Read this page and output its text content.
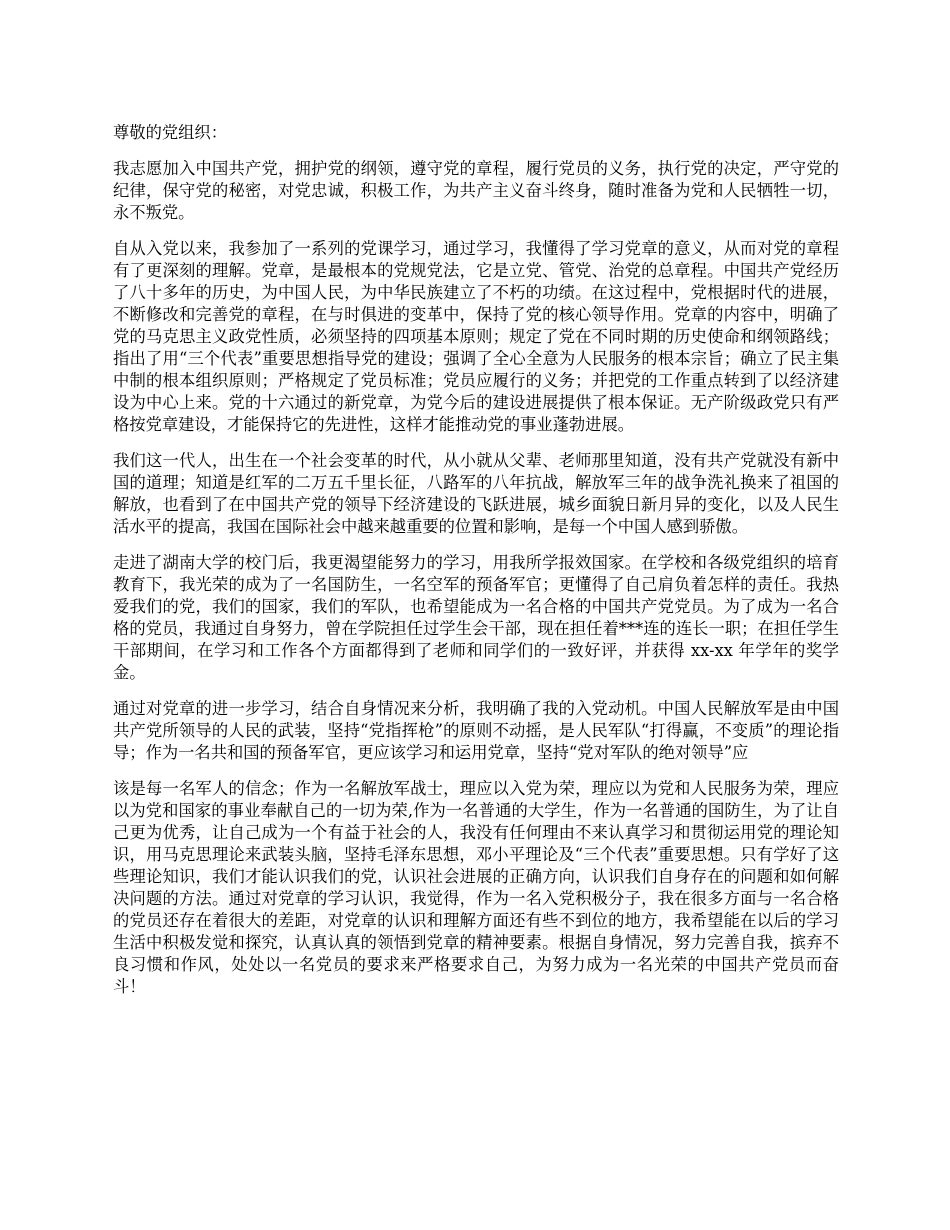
尊敬的党组织：

我志愿加入中国共产党，拥护党的纲领，遵守党的章程，履行党员的义务，执行党的决定，严守党的纪律，保守党的秘密，对党忠诚，积极工作，为共产主义奋斗终身，随时准备为党和人民牺牲一切，永不叛党。

自从入党以来，我参加了一系列的党课学习，通过学习，我懂得了学习党章的意义，从而对党的章程有了更深刻的理解。党章，是最根本的党规党法，它是立党、管党、治党的总章程。中国共产党经历了八十多年的历史，为中国人民，为中华民族建立了不朽的功绩。在这过程中，党根据时代的进展，不断修改和完善党的章程，在与时俱进的变革中，保持了党的核心领导作用。党章的内容中，明确了党的马克思主义政党性质，必须坚持的四项基本原则；规定了党在不同时期的历史使命和纲领路线；指出了用“三个代表”重要思想指导党的建设；强调了全心全意为人民服务的根本宗旨；确立了民主集中制的根本组织原则；严格规定了党员标准；党员应履行的义务；并把党的工作重点转到了以经济建设为中心上来。党的十六通过的新党章，为党今后的建设进展提供了根本保证。无产阶级政党只有严格按党章建设，才能保持它的先进性，这样才能推动党的事业蓬勃进展。

我们这一代人，出生在一个社会变革的时代，从小就从父辈、老师那里知道，没有共产党就没有新中国的道理；知道是红军的二万五千里长征，八路军的八年抗战，解放军三年的战争洗礼换来了祖国的解放，也看到了在中国共产党的领导下经济建设的飞跃进展，城乡面貌日新月异的变化，以及人民生活水平的提高，我国在国际社会中越来越重要的位置和影响，是每一个中国人感到骄傲。

走进了湖南大学的校门后，我更渴望能努力的学习，用我所学报效国家。在学校和各级党组织的培育教育下，我光荣的成为了一名国防生，一名空军的预备军官；更懂得了自己肩负着怎样的责任。我热爱我们的党，我们的国家，我们的军队，也希望能成为一名合格的中国共产党党员。为了成为一名合格的党员，我通过自身努力，曾在学院担任过学生会干部，现在担任着***连的连长一职；在担任学生干部期间，在学习和工作各个方面都得到了老师和同学们的一致好评，并获得 xx-xx 年学年的奖学金。

通过对党章的进一步学习，结合自身情况来分析，我明确了我的入党动机。中国人民解放军是由中国共产党所领导的人民的武装，坚持“党指挥枪”的原则不动摇，是人民军队“打得赢，不变质”的理论指导；作为一名共和国的预备军官，更应该学习和运用党章，坚持“党对军队的绝对领导”应

该是每一名军人的信念；作为一名解放军战士，理应以入党为荣，理应以为党和人民服务为荣，理应以为党和国家的事业奉献自己的一切为荣,作为一名普通的大学生，作为一名普通的国防生，为了让自己更为优秀，让自己成为一个有益于社会的人，我没有任何理由不来认真学习和贯彻运用党的理论知识，用马克思理论来武装头脑，坚持毛泽东思想，邓小平理论及“三个代表”重要思想。只有学好了这些理论知识，我们才能认识我们的党，认识社会进展的正确方向，认识我们自身存在的问题和如何解决问题的方法。通过对党章的学习认识，我觉得，作为一名入党积极分子，我在很多方面与一名合格的党员还存在着很大的差距，对党章的认识和理解方面还有些不到位的地方，我希望能在以后的学习生活中积极发觉和探究，认真认真的领悟到党章的精神要素。根据自身情况，努力完善自我，摈弃不良习惯和作风，处处以一名党员的要求来严格要求自己，为努力成为一名光荣的中国共产党员而奋斗！
